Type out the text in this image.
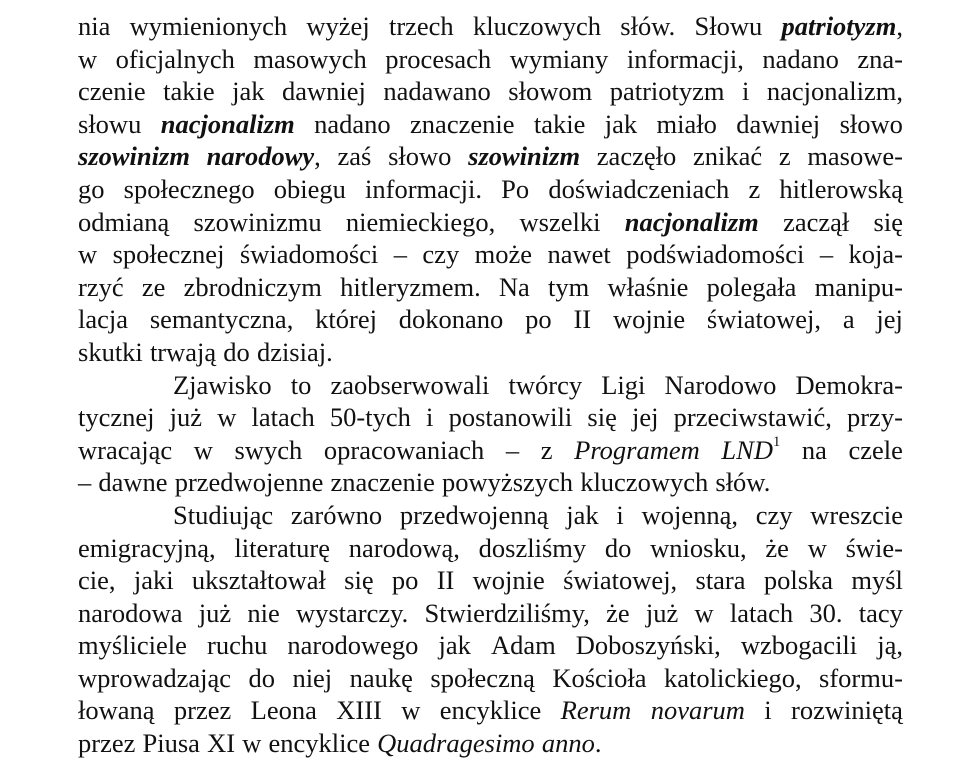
nia wymienionych wyżej trzech kluczowych słów. Słowu patriotyzm,
w oficjalnych masowych procesach wymiany informacji, nadano zna-
czenie takie jak dawniej nadawano słowom patriotyzm i nacjonalizm,
słowu nacjonalizm nadano znaczenie takie jak miało dawniej słowo
szowinizm narodowy, zaś słowo szowinizm zaczęło znikać z masowe-
go społecznego obiegu informacji. Po doświadczeniach z hitlerowską
odmianą szowinizmu niemieckiego, wszelki nacjonalizm zaczął się
w społecznej świadomości – czy może nawet podświadomości – koja-
rzyć ze zbrodniczym hitleryzmem. Na tym właśnie polegała manipu-
lacja semantyczna, której dokonano po II wojnie światowej, a jej
skutki trwają do dzisiaj.
Zjawisko to zaobserwowali twórcy Ligi Narodowo Demokra-
tycznej już w latach 50-tych i postanowili się jej przeciwstawić, przy-
wracając w swych opracowaniach – z Programem LND$^1$ na czele
– dawne przedwojenne znaczenie powyższych kluczowych słów.
Studiując zarówno przedwojenną jak i wojenną, czy wreszcie
emigracyjną, literaturę narodową, doszliśmy do wniosku, że w świe-
cie, jaki ukształtował się po II wojnie światowej, stara polska myśl
narodowa już nie wystarczy. Stwierdziliśmy, że już w latach 30. tacy
myśliciele ruchu narodowego jak Adam Doboszyński, wzbogacili ją,
wprowadzając do niej naukę społeczną Kościoła katolickiego, sformu-
łowaną przez Leona XIII w encyklice Rerum novarum i rozwiniętą
przez Piusa XI w encyklice Quadragesimo anno.
